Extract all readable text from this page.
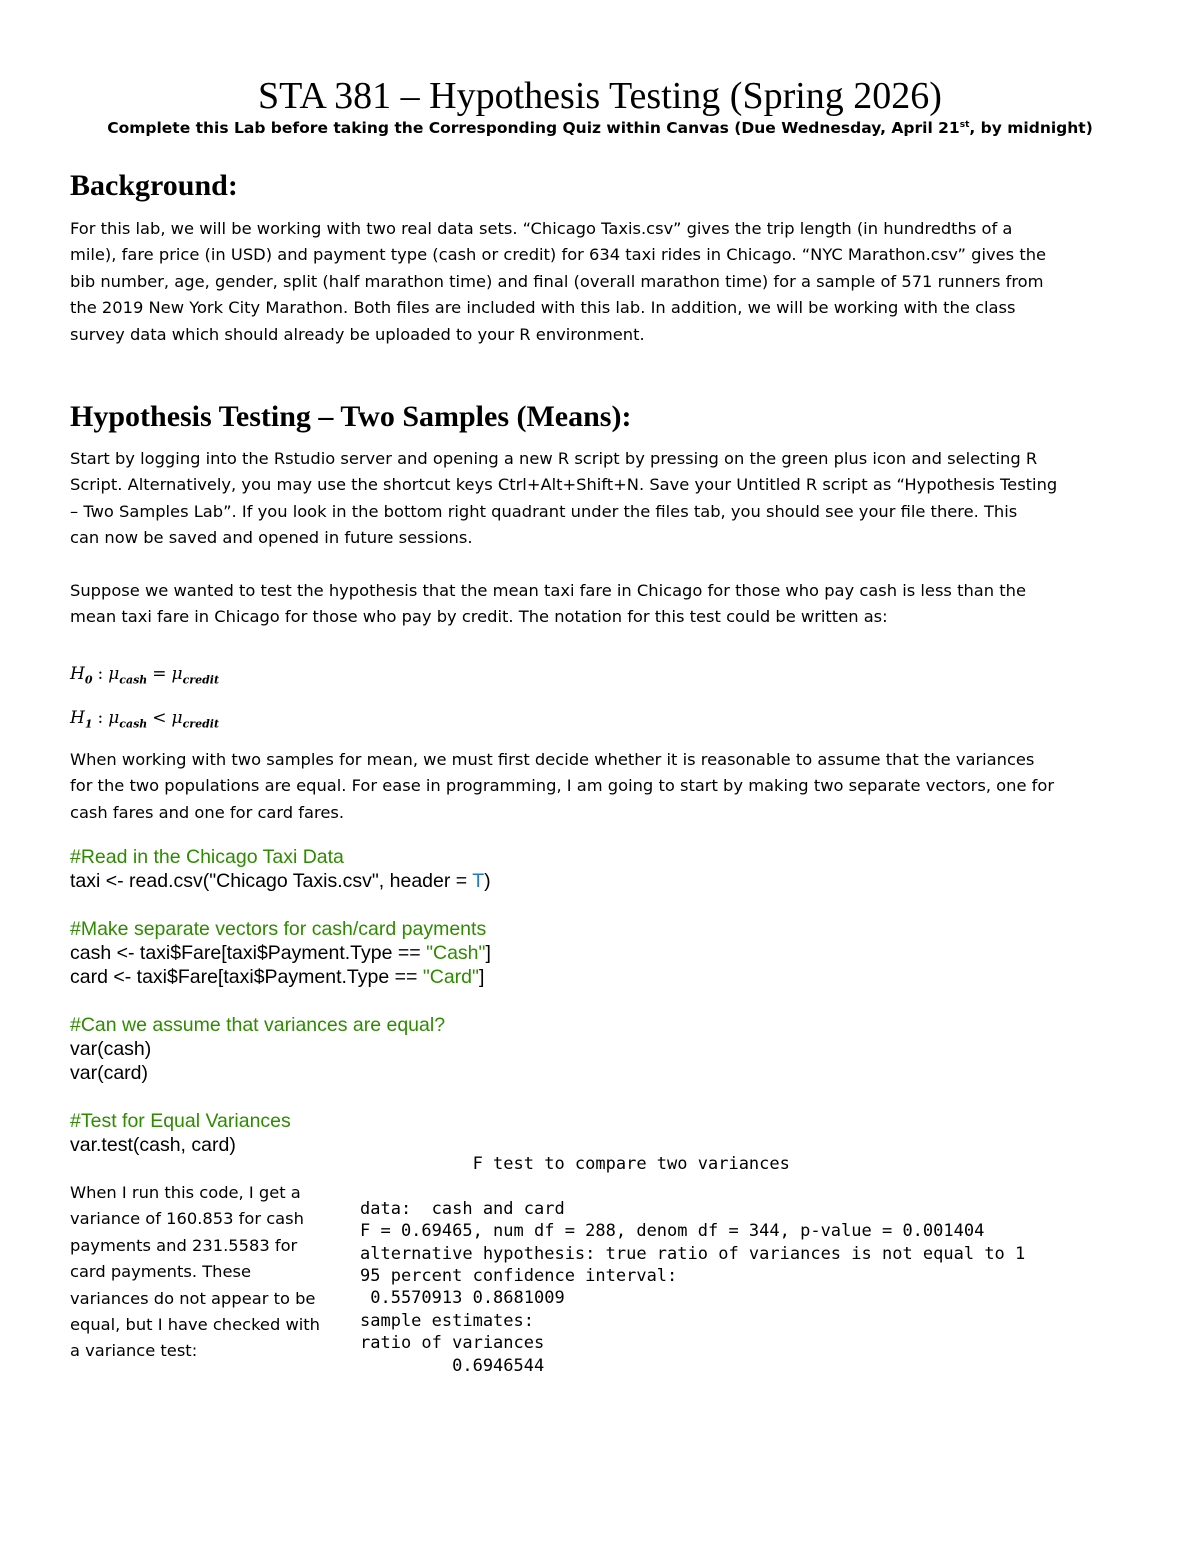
STA 381 – Hypothesis Testing (Spring 2026)
Complete this Lab before taking the Corresponding Quiz within Canvas (Due Wednesday, April 21st, by midnight)
Background:
For this lab, we will be working with two real data sets. “Chicago Taxis.csv” gives the trip length (in hundredths of a
mile), fare price (in USD) and payment type (cash or credit) for 634 taxi rides in Chicago. “NYC Marathon.csv” gives the
bib number, age, gender, split (half marathon time) and final (overall marathon time) for a sample of 571 runners from
the 2019 New York City Marathon. Both files are included with this lab. In addition, we will be working with the class
survey data which should already be uploaded to your R environment.
Hypothesis Testing – Two Samples (Means):
Start by logging into the Rstudio server and opening a new R script by pressing on the green plus icon and selecting R
Script. Alternatively, you may use the shortcut keys Ctrl+Alt+Shift+N. Save your Untitled R script as “Hypothesis Testing
– Two Samples Lab”. If you look in the bottom right quadrant under the files tab, you should see your file there. This
can now be saved and opened in future sessions.
Suppose we wanted to test the hypothesis that the mean taxi fare in Chicago for those who pay cash is less than the
mean taxi fare in Chicago for those who pay by credit. The notation for this test could be written as:
$H_0$ : $\mu_{cash} = \mu_{credit}$
$H_1$ : $\mu_{cash} < \mu_{credit}$
When working with two samples for mean, we must first decide whether it is reasonable to assume that the variances
for the two populations are equal. For ease in programming, I am going to start by making two separate vectors, one for
cash fares and one for card fares.
#Read in the Chicago Taxi Data
taxi <- read.csv("Chicago Taxis.csv", header = T)
#Make separate vectors for cash/card payments
cash <- taxi$Fare[taxi$Payment.Type == "Cash"]
card <- taxi$Fare[taxi$Payment.Type == "Card"]
#Can we assume that variances are equal?
var(cash)
var(card)
#Test for Equal Variances
var.test(cash, card)
When I run this code, I get a
variance of 160.853 for cash
payments and 231.5583 for
card payments. These
variances do not appear to be
equal, but I have checked with
a variance test:
F test to compare two variances
data:  cash and card
F = 0.69465, num df = 288, denom df = 344, p-value = 0.001404
alternative hypothesis: true ratio of variances is not equal to 1
95 percent confidence interval:
0.5570913 0.8681009
sample estimates:
ratio of variances
0.6946544
